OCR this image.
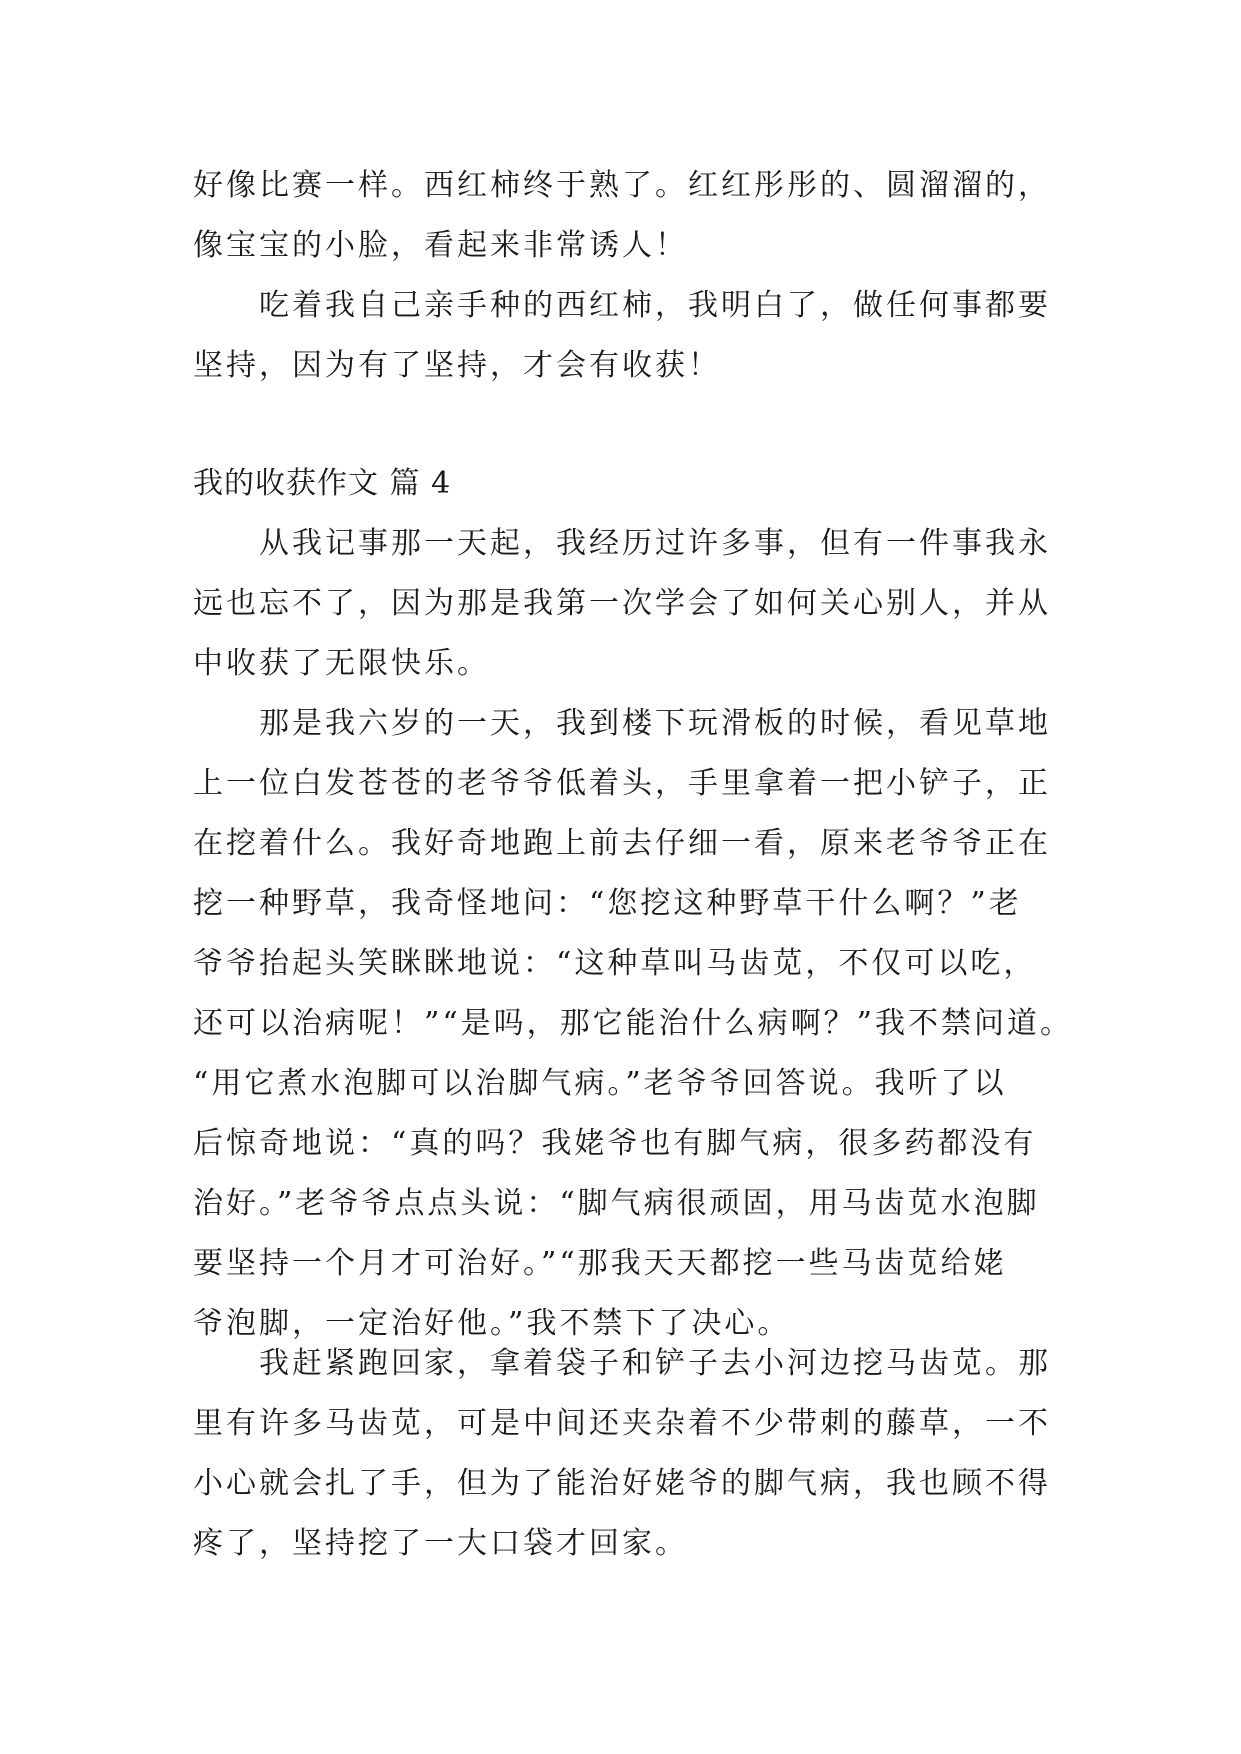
好像比赛一样。西红柿终于熟了。红红彤彤的、圆溜溜的，
像宝宝的小脸，看起来非常诱人！
吃着我自己亲手种的西红柿，我明白了，做任何事都要
坚持，因为有了坚持，才会有收获！
我的收获作文 篇 4
从我记事那一天起，我经历过许多事，但有一件事我永
远也忘不了，因为那是我第一次学会了如何关心别人，并从
中收获了无限快乐。
那是我六岁的一天，我到楼下玩滑板的时候，看见草地
上一位白发苍苍的老爷爷低着头，手里拿着一把小铲子，正
在挖着什么。我好奇地跑上前去仔细一看，原来老爷爷正在
挖一种野草，我奇怪地问：“您挖这种野草干什么啊？”老
爷爷抬起头笑眯眯地说：“这种草叫马齿苋，不仅可以吃，
还可以治病呢！”“是吗，那它能治什么病啊？”我不禁问道。
“用它煮水泡脚可以治脚气病。”老爷爷回答说。我听了以
后惊奇地说：“真的吗？我姥爷也有脚气病，很多药都没有
治好。”老爷爷点点头说：“脚气病很顽固，用马齿苋水泡脚
要坚持一个月才可治好。”“那我天天都挖一些马齿苋给姥
爷泡脚，一定治好他。”我不禁下了决心。
我赶紧跑回家，拿着袋子和铲子去小河边挖马齿苋。那
里有许多马齿苋，可是中间还夹杂着不少带刺的藤草，一不
小心就会扎了手，但为了能治好姥爷的脚气病，我也顾不得
疼了，坚持挖了一大口袋才回家。
